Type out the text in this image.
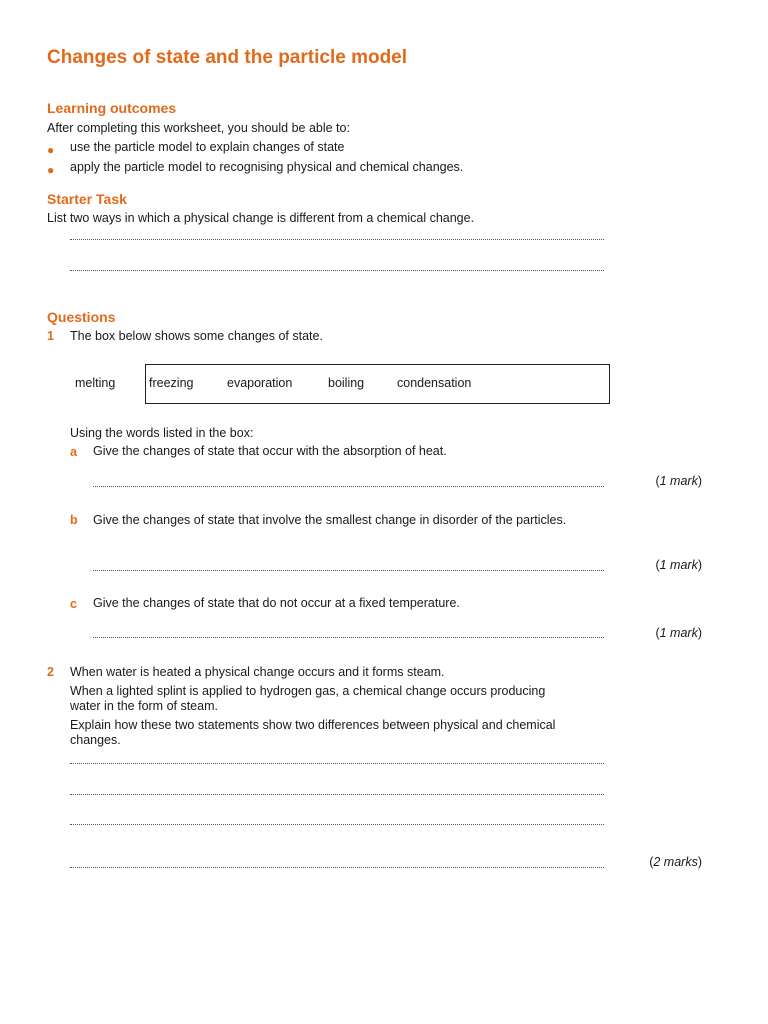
Changes of state and the particle model
Learning outcomes

After completing this worksheet, you should be able to:

● use the particle model to explain changes of state
● apply the particle model to recognising physical and chemical changes.
Starter Task

List two ways in which a physical change is different from a chemical change.

Questions
1 The box below shows some changes of state.

melting	freezing	evaporation	boiling	condensation

Using the words listed in the box:

a Give the changes of state that occur with the absorption of heat.
(1 mark)
b Give the changes of state that involve the smallest change in disorder of the particles.
(1 mark)
c Give the changes of state that do not occur at a fixed temperature.
(1 mark)
2 When water is heated a physical change occurs and it forms steam.

When a lighted splint is applied to hydrogen gas, a chemical change occurs producing water in the form of steam.

Explain how these two statements show two differences between physical and chemical changes.

(2 marks)
